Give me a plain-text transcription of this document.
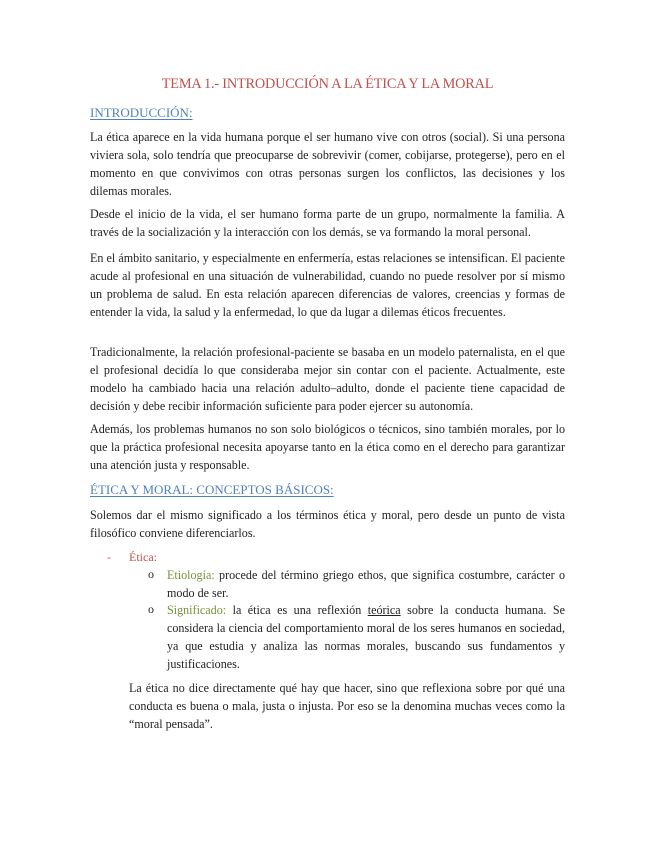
TEMA 1.- INTRODUCCIÓN A LA ÉTICA Y LA MORAL
INTRODUCCIÓN:

La ética aparece en la vida humana porque el ser humano vive con otros (social). Si una persona viviera sola, solo tendría que preocuparse de sobrevivir (comer, cobijarse, protegerse), pero en el momento en que convivimos con otras personas surgen los conflictos, las decisiones y los dilemas morales.

Desde el inicio de la vida, el ser humano forma parte de un grupo, normalmente la familia. A través de la socialización y la interacción con los demás, se va formando la moral personal.

En el ámbito sanitario, y especialmente en enfermería, estas relaciones se intensifican. El paciente acude al profesional en una situación de vulnerabilidad, cuando no puede resolver por sí mismo un problema de salud. En esta relación aparecen diferencias de valores, creencias y formas de entender la vida, la salud y la enfermedad, lo que da lugar a dilemas éticos frecuentes.

Tradicionalmente, la relación profesional-paciente se basaba en un modelo paternalista, en el que el profesional decidía lo que consideraba mejor sin contar con el paciente. Actualmente, este modelo ha cambiado hacia una relación adulto–adulto, donde el paciente tiene capacidad de decisión y debe recibir información suficiente para poder ejercer su autonomía.

Además, los problemas humanos no son solo biológicos o técnicos, sino también morales, por lo que la práctica profesional necesita apoyarse tanto en la ética como en el derecho para garantizar una atención justa y responsable.

ÉTICA Y MORAL: CONCEPTOS BÁSICOS:

Solemos dar el mismo significado a los términos ética y moral, pero desde un punto de vista filosófico conviene diferenciarlos.

- Ética:
o Etiología: procede del término griego ethos, que significa costumbre, carácter o modo de ser.

o Significado: la ética es una reflexión teórica sobre la conducta humana. Se considera la ciencia del comportamiento moral de los seres humanos en sociedad, ya que estudia y analiza las normas morales, buscando sus fundamentos y justificaciones.

La ética no dice directamente qué hay que hacer, sino que reflexiona sobre por qué una conducta es buena o mala, justa o injusta. Por eso se la denomina muchas veces como la “moral pensada”.
